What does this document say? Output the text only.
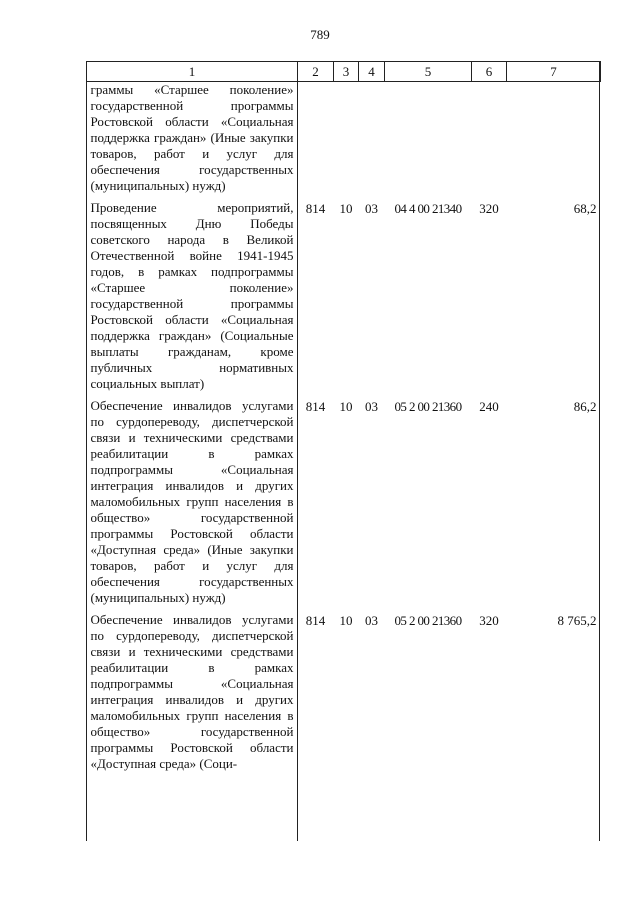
789
1	2	3	4	5	6	7
граммы «Старшее поколение» государственной программы Ростовской области «Социальная поддержка граждан» (Иные закупки товаров, работ и услуг для обеспечения государственных (муниципальных) нужд)						
Проведение мероприятий, посвященных Дню Победы советского народа в Великой Отечественной войне 1941-1945 годов, в рамках подпрограммы «Старшее поколение» государственной программы Ростовской области «Социальная поддержка граждан» (Социальные выплаты гражданам, кроме публичных нормативных социальных выплат)	814	10	03	04 4 00 21340	320	68,2
Обеспечение инвалидов услугами по сурдопереводу, диспетчерской связи и техническими средствами реабилитации в рамках подпрограммы «Социальная интеграция инвалидов и других маломобильных групп населения в общество» государственной программы Ростовской области «Доступная среда» (Иные закупки товаров, работ и услуг для обеспечения государственных (муниципальных) нужд)	814	10	03	05 2 00 21360	240	86,2
Обеспечение инвалидов услугами по сурдопереводу, диспетчерской связи и техническими средствами реабилитации в рамках подпрограммы «Социальная интеграция инвалидов и других маломобильных групп населения в общество» государственной программы Ростовской области «Доступная среда» (Соци-	814	10	03	05 2 00 21360	320	8 765,2
